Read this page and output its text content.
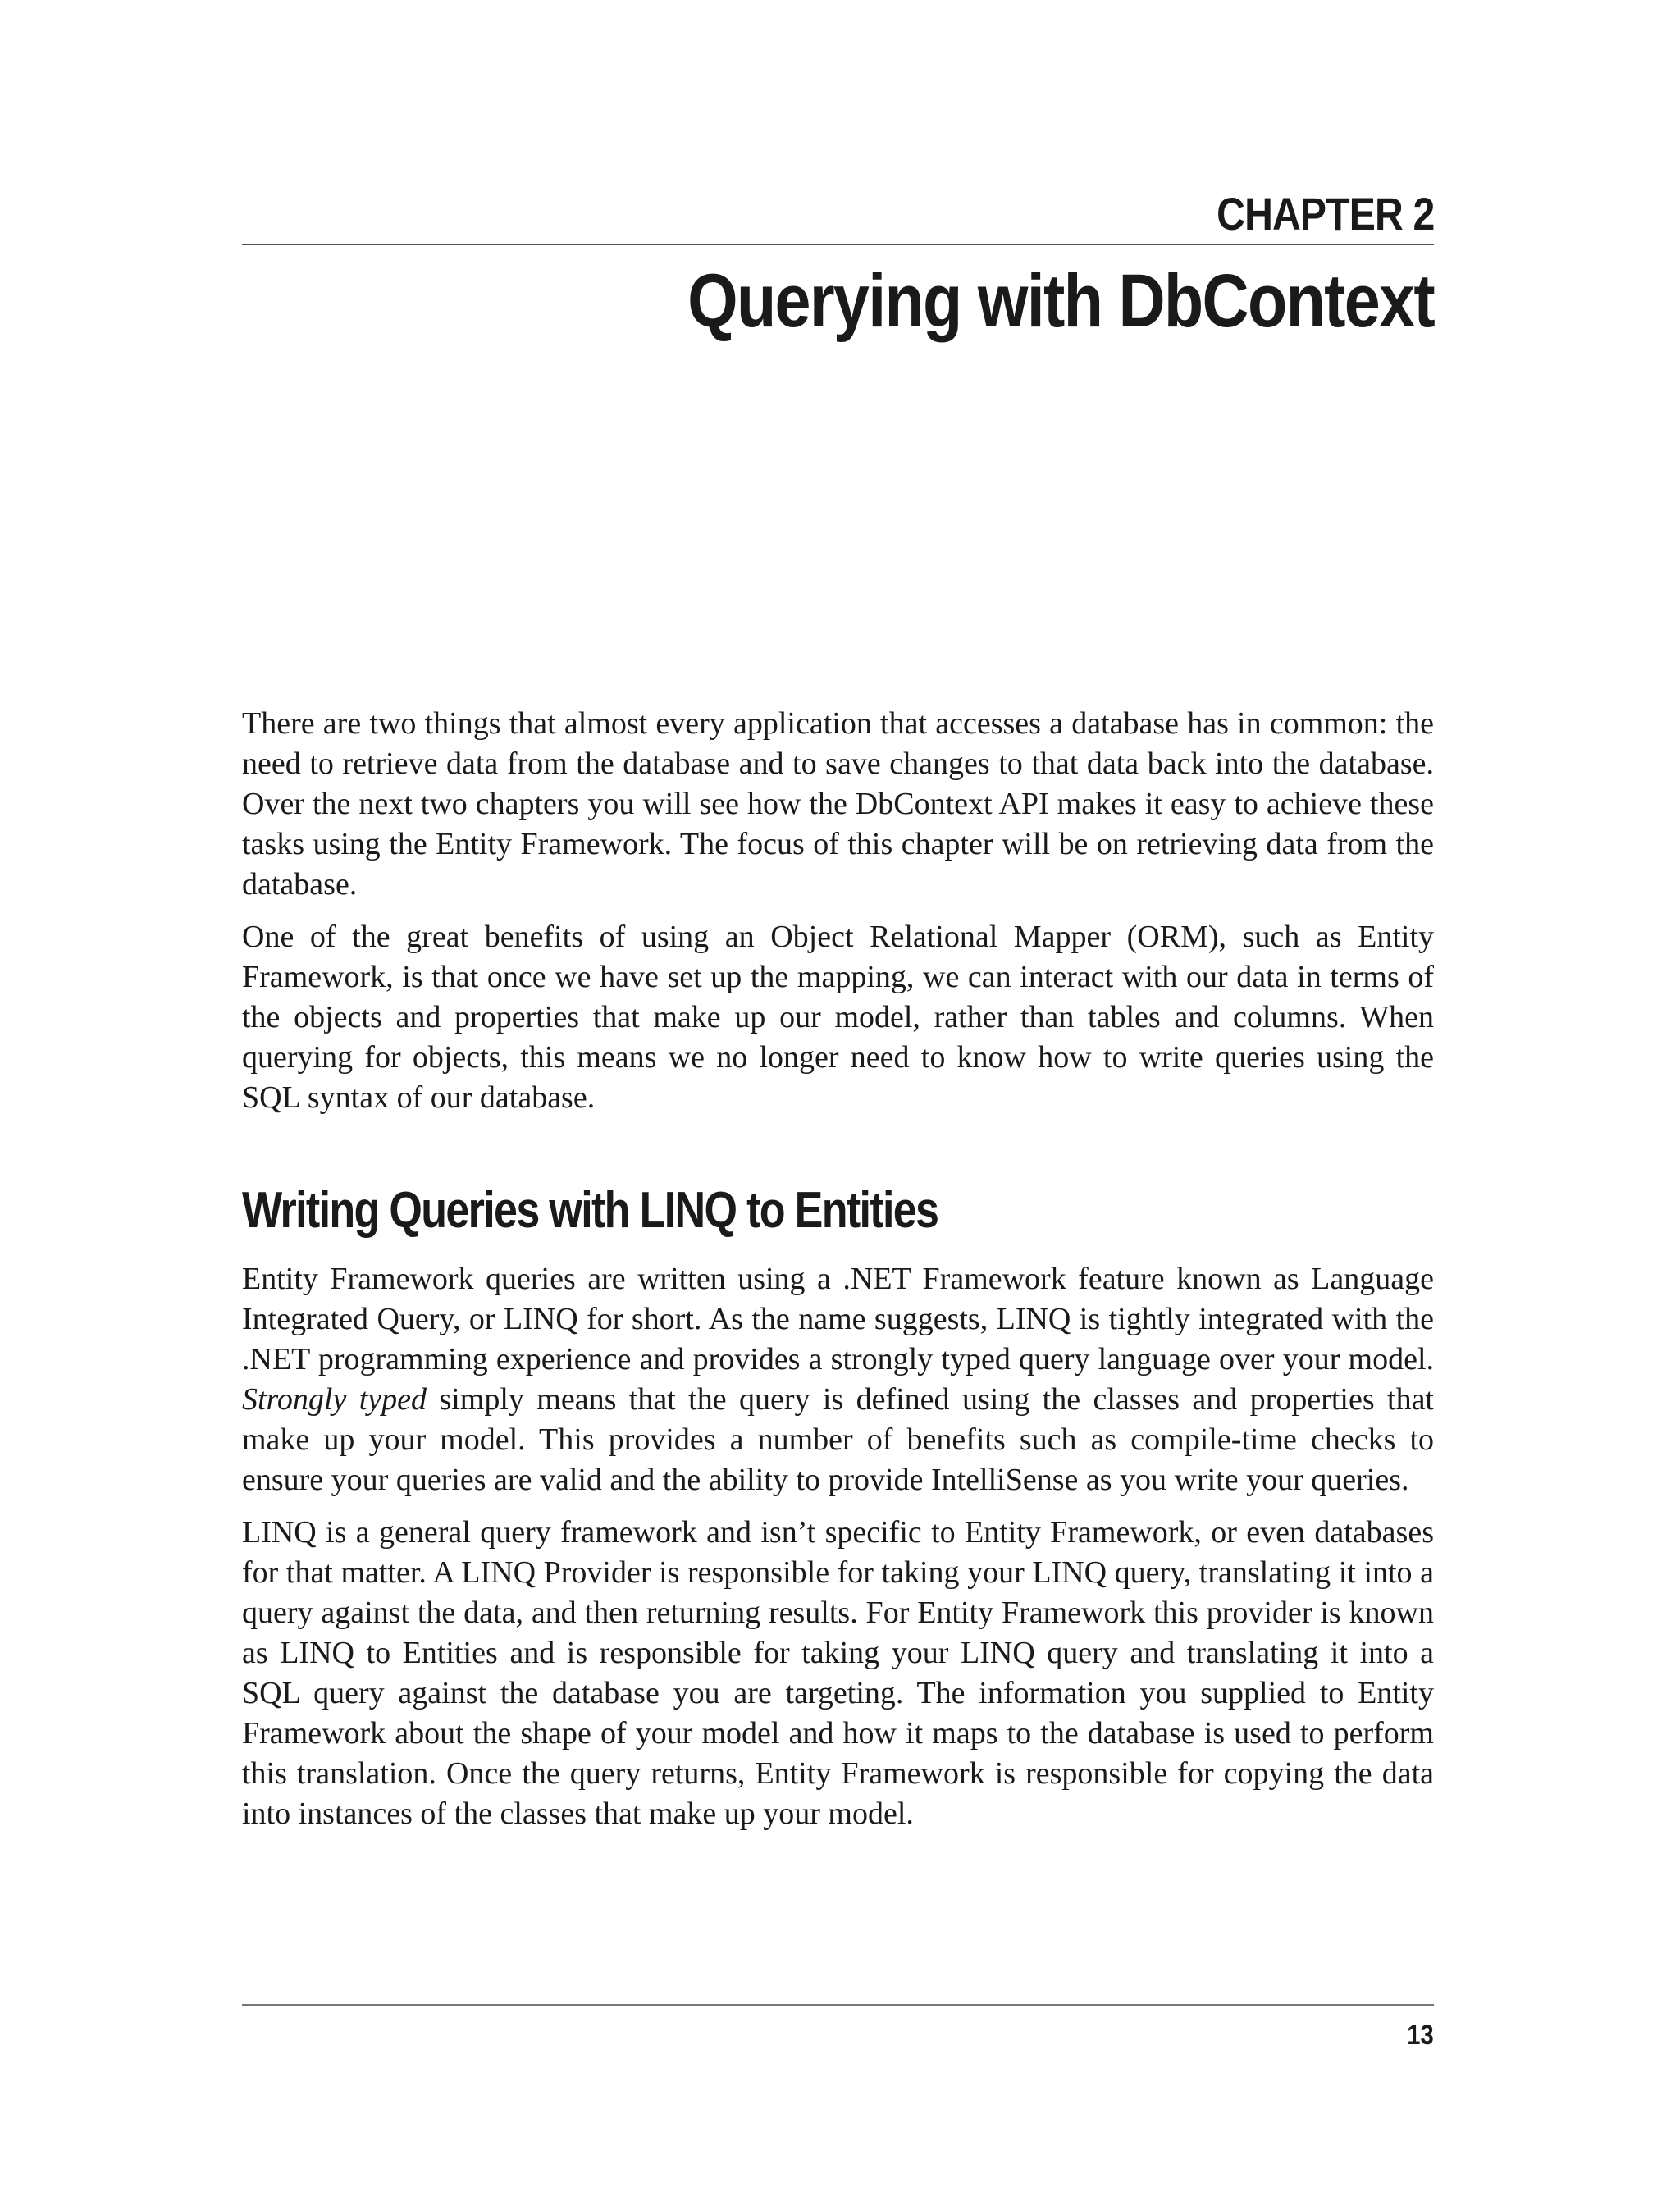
CHAPTER 2
Querying with DbContext

There are two things that almost every application that accesses a database has in common: the need to retrieve data from the database and to save changes to that data back into the database. Over the next two chapters you will see how the DbContext API makes it easy to achieve these tasks using the Entity Framework. The focus of this chapter will be on retrieving data from the database.

One of the great benefits of using an Object Relational Mapper (ORM), such as Entity Framework, is that once we have set up the mapping, we can interact with our data in terms of the objects and properties that make up our model, rather than tables and columns. When querying for objects, this means we no longer need to know how to write queries using the SQL syntax of our database.

Writing Queries with LINQ to Entities

Entity Framework queries are written using a .NET Framework feature known as Language Integrated Query, or LINQ for short. As the name suggests, LINQ is tightly integrated with the .NET programming experience and provides a strongly typed query language over your model. Strongly typed simply means that the query is defined using the classes and properties that make up your model. This provides a number of benefits such as compile-time checks to ensure your queries are valid and the ability to provide IntelliSense as you write your queries.

LINQ is a general query framework and isn’t specific to Entity Framework, or even databases for that matter. A LINQ Provider is responsible for taking your LINQ query, translating it into a query against the data, and then returning results. For Entity Framework this provider is known as LINQ to Entities and is responsible for taking your LINQ query and translating it into a SQL query against the database you are targeting. The information you supplied to Entity Framework about the shape of your model and how it maps to the database is used to perform this translation. Once the query returns, Entity Framework is responsible for copying the data into instances of the classes that make up your model.

13
